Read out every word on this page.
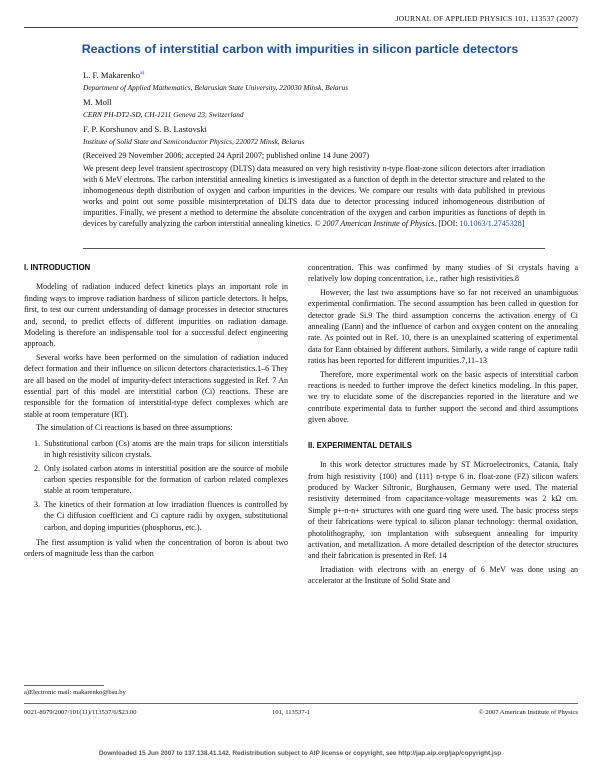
JOURNAL OF APPLIED PHYSICS 101, 113537 (2007)
Reactions of interstitial carbon with impurities in silicon particle detectors
L. F. Makarenko$^{a)}$
Department of Applied Mathematics, Belarusian State University, 220030 Minsk, Belarus
M. Moll
CERN PH-DT2-SD, CH-1211 Geneva 23, Switzerland
F. P. Korshunov and S. B. Lastovski
Institute of Solid State and Semiconductor Physics, 220072 Minsk, Belarus
(Received 29 November 2006; accepted 24 April 2007; published online 14 June 2007)
We present deep level transient spectroscopy (DLTS) data measured on very high resistivity n-type float-zone silicon detectors after irradiation with 6 MeV electrons. The carbon interstitial annealing kinetics is investigated as a function of depth in the detector structure and related to the inhomogeneous depth distribution of oxygen and carbon impurities in the devices. We compare our results with data published in previous works and point out some possible misinterpretation of DLTS data due to detector processing induced inhomogeneous distribution of impurities. Finally, we present a method to determine the absolute concentration of the oxygen and carbon impurities as functions of depth in devices by carefully analyzing the carbon interstitial annealing kinetics. © 2007 American Institute of Physics. [DOI: 10.1063/1.2745328]
I. INTRODUCTION

Modeling of radiation induced defect kinetics plays an important role in finding ways to improve radiation hardness of silicon particle detectors. It helps, first, to test our current understanding of damage processes in detector structures and, second, to predict effects of different impurities on radiation damage. Modeling is therefore an indispensable tool for a successful defect engineering approach.

Several works have been performed on the simulation of radiation induced defect formation and their influence on silicon detectors characteristics.1–6 They are all based on the model of impurity-defect interactions suggested in Ref. 7 An essential part of this model are interstitial carbon (Ci) reactions. These are responsible for the formation of interstitial-type defect complexes which are stable at room temperature (RT).

The simulation of Ci reactions is based on three assumptions:

1. Substitutional carbon (Cs) atoms are the main traps for silicon interstitials in high resistivity silicon crystals.
2. Only isolated carbon atoms in interstitial position are the source of mobile carbon species responsible for the formation of carbon related complexes stable at room temperature.
3. The kinetics of their formation at low irradiation fluences is controlled by the Ci diffusion coefficient and Ci capture radii by oxygen, substitutional carbon, and doping impurities (phosphorus, etc.).

The first assumption is valid when the concentration of boron is about two orders of magnitude less than the carbon

concentration. This was confirmed by many studies of Si crystals having a relatively low doping concentration, i.e., rather high resistivities.8

However, the last two assumptions have so far not received an unambiguous experimental confirmation. The second assumption has been called in question for detector grade Si.9 The third assumption concerns the activation energy of Ci annealing (Eann) and the influence of carbon and oxygen content on the annealing rate. As pointed out in Ref. 10, there is an unexplained scattering of experimental data for Eann obtained by different authors. Similarly, a wide range of capture radii ratios has been reported for different impurities.7,11–13

Therefore, more experimental work on the basic aspects of interstitial carbon reactions is needed to further improve the defect kinetics modeling. In this paper, we try to elucidate some of the discrepancies reported in the literature and we contribute experimental data to further support the second and third assumptions given above.

II. EXPERIMENTAL DETAILS

In this work detector structures made by ST Microelectronics, Catania, Italy from high resistivity ⟨100⟩ and ⟨111⟩ n-type 6 in. float-zone (FZ) silicon wafers produced by Wacker Siltronic, Burghausen, Germany were used. The material resistivity determined from capacitance-voltage measurements was 2 kΩ cm. Simple p+-n-n+ structures with one guard ring were used. The basic process steps of their fabrications were typical to silicon planar technology: thermal oxidation, photolithography, ion implantation with subsequent annealing for impurity activation, and metallization. A more detailed description of the detector structures and their fabrication is presented in Ref. 14

Irradiation with electrons with an energy of 6 MeV was done using an accelerator at the Institute of Solid State and

a)Electronic mail: makarenko@bsu.by
0021-8979/2007/101(11)/113537/6/$23.00	101, 113537-1	© 2007 American Institute of Physics
Downloaded 15 Jun 2007 to 137.138.41.142. Redistribution subject to AIP license or copyright, see http://jap.aip.org/jap/copyright.jsp
